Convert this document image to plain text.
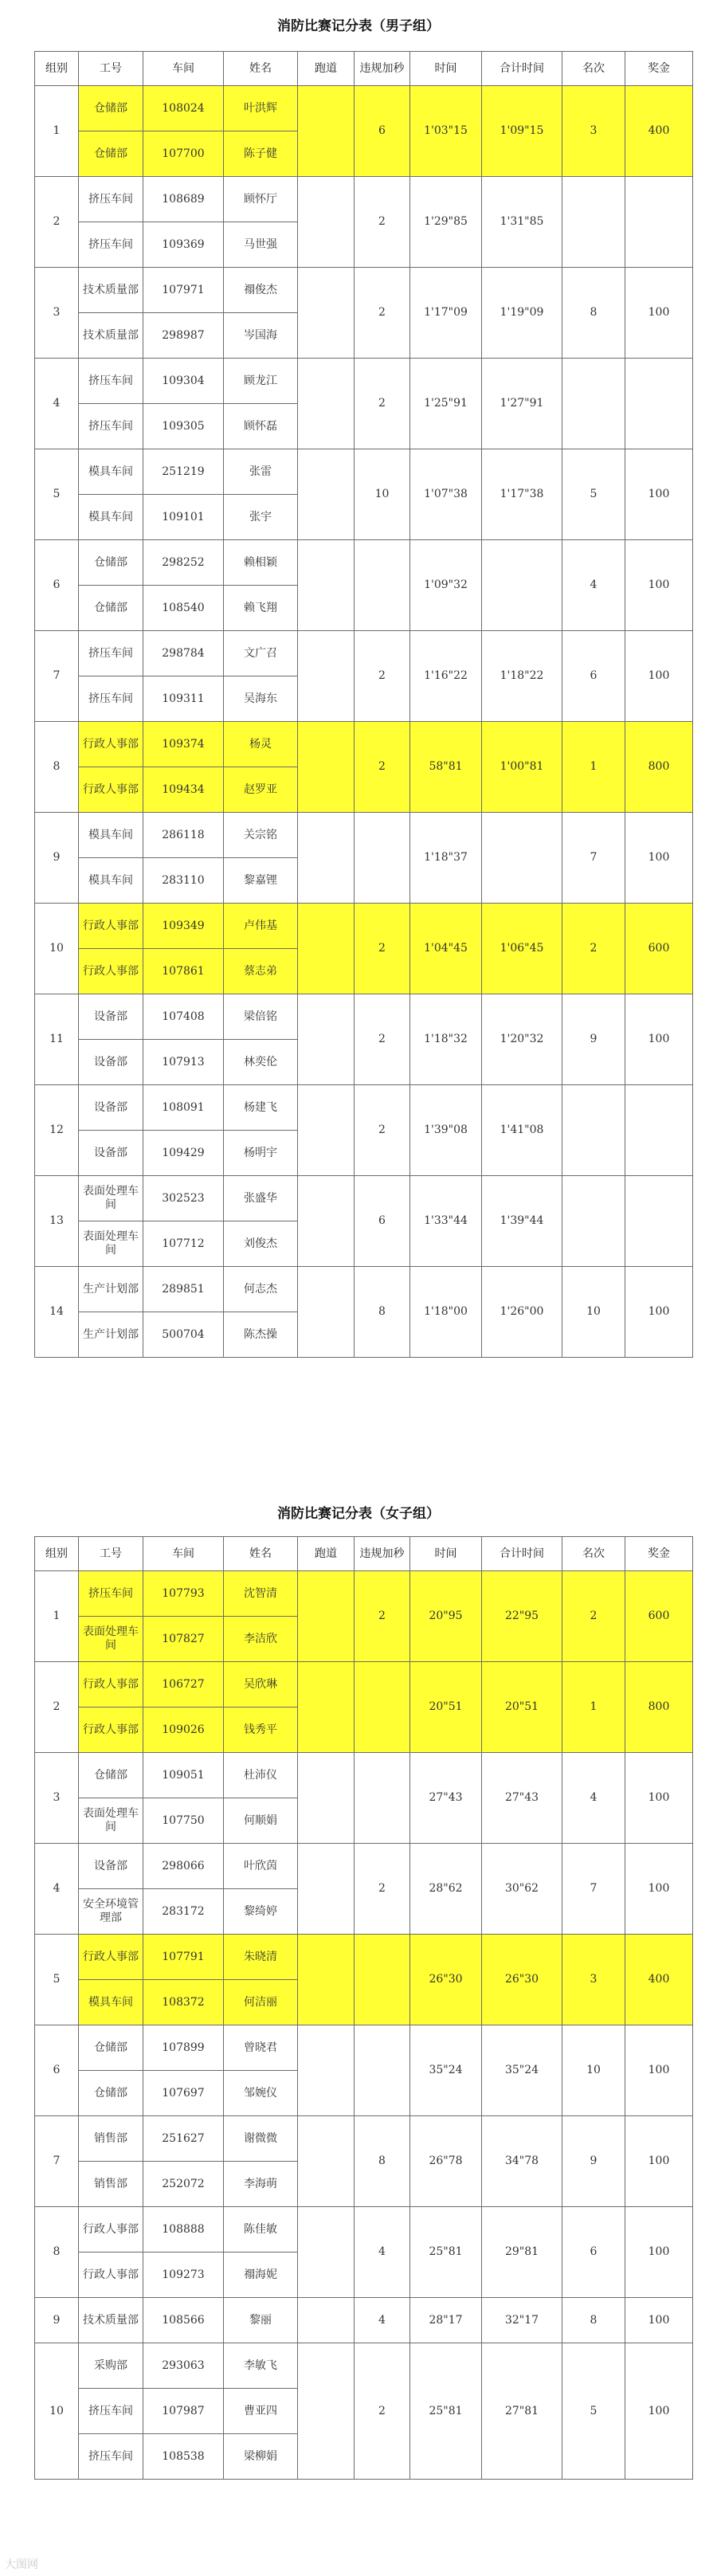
消防比赛记分表（男子组）
组别	工号	车间	姓名	跑道	违规加秒	时间	合计时间	名次	奖金
1	仓储部	108024	叶洪辉		6	1'03"15	1'09"15	3	400
	仓储部	107700	陈子健						
2	挤压车间	108689	顾怀厅		2	1'29"85	1'31"85		
	挤压车间	109369	马世强						
3	技术质量部	107971	禤俊杰		2	1'17"09	1'19"09	8	100
	技术质量部	298987	岑国海						
4	挤压车间	109304	顾龙江		2	1'25"91	1'27"91		
	挤压车间	109305	顾怀磊						
5	模具车间	251219	张雷		10	1'07"38	1'17"38	5	100
	模具车间	109101	张宇						
6	仓储部	298252	赖相颖			1'09"32		4	100
	仓储部	108540	赖飞翔						
7	挤压车间	298784	文广召		2	1'16"22	1'18"22	6	100
	挤压车间	109311	吴海东						
8	行政人事部	109374	杨灵		2	58"81	1'00"81	1	800
	行政人事部	109434	赵罗亚						
9	模具车间	286118	关宗铭			1'18"37		7	100
	模具车间	283110	黎嘉锂						
10	行政人事部	109349	卢伟基		2	1'04"45	1'06"45	2	600
	行政人事部	107861	蔡志弟						
11	设备部	107408	梁倍铭		2	1'18"32	1'20"32	9	100
	设备部	107913	林奕伦						
12	设备部	108091	杨建飞		2	1'39"08	1'41"08		
	设备部	109429	杨明宇						
13	表面处理车间	302523	张盛华		6	1'33"44	1'39"44		
	表面处理车间	107712	刘俊杰						
14	生产计划部	289851	何志杰		8	1'18"00	1'26"00	10	100
	生产计划部	500704	陈杰操						
消防比赛记分表（女子组）
组别	工号	车间	姓名	跑道	违规加秒	时间	合计时间	名次	奖金
1	挤压车间	107793	沈智清		2	20"95	22"95	2	600
	表面处理车间	107827	李洁欣						
2	行政人事部	106727	吴欣琳			20"51	20"51	1	800
	行政人事部	109026	钱秀平						
3	仓储部	109051	杜沛仪			27"43	27"43	4	100
	表面处理车间	107750	何顺娟						
4	设备部	298066	叶欣茵		2	28"62	30"62	7	100
	安全环境管理部	283172	黎绮婷						
5	行政人事部	107791	朱晓清			26"30	26"30	3	400
	模具车间	108372	何洁丽						
6	仓储部	107899	曾晓君			35"24	35"24	10	100
	仓储部	107697	邹婉仪						
7	销售部	251627	谢微微		8	26"78	34"78	9	100
	销售部	252072	李海萌						
8	行政人事部	108888	陈佳敏		4	25"81	29"81	6	100
	行政人事部	109273	禤海妮						
9	技术质量部	108566	黎丽		4	28"17	32"17	8	100
10	采购部	293063	李敏飞		2	25"81	27"81	5	100
	挤压车间	107987	曹亚四						
	挤压车间	108538	梁柳娟						
大图网
